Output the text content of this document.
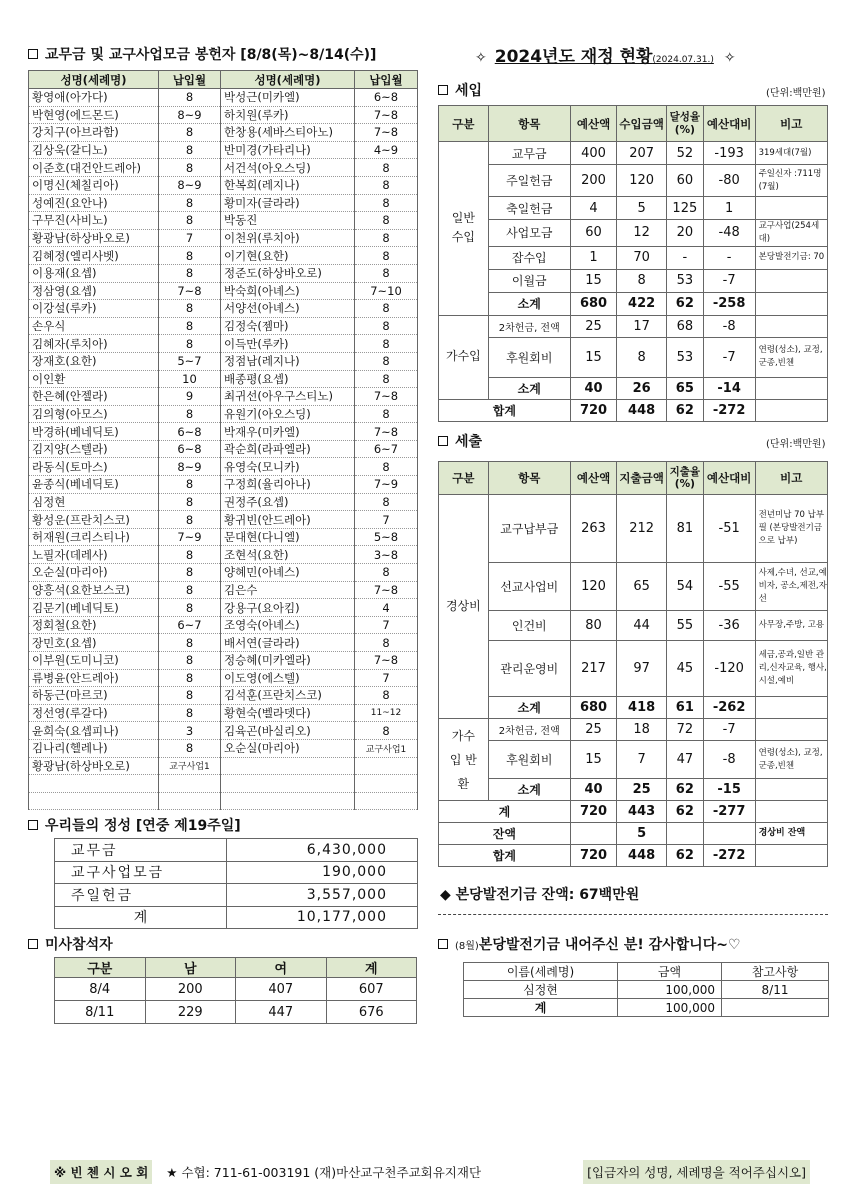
교무금 및 교구사업모금 봉헌자 [8/8(목)~8/14(수)]
성명(세례명)	납입월	성명(세례명)	납입월
황영애(아가다)	8	박성근(미카엘)	6~8
박현영(에드몬드)	8~9	하치원(루카)	7~8
강치구(아브라함)	8	한창용(세바스티아노)	7~8
김상욱(갈디노)	8	반미경(가타리나)	4~9
이준호(대건안드레아)	8	서건석(아오스딩)	8
이명신(체칠리아)	8~9	한복희(레지나)	8
성예진(요안나)	8	황미자(글라라)	8
구무진(사비노)	8	박동진	8
황광남(하상바오로)	7	이천위(루치아)	8
김혜정(엘리사벳)	8	이기현(요한)	8
이용재(요셉)	8	정준도(하상바오로)	8
정삼영(요셉)	7~8	박숙희(아녜스)	7~10
이강설(루카)	8	서양선(아녜스)	8
손우식	8	김정숙(젬마)	8
김혜자(루치아)	8	이득만(루카)	8
장재호(요한)	5~7	정점남(레지나)	8
이인환	10	배종평(요셉)	8
한은혜(안젤라)	9	최귀선(아우구스티노)	7~8
김의형(아모스)	8	유원기(아오스딩)	8
박경하(베네딕토)	6~8	박재우(미카엘)	7~8
김지양(스텔라)	6~8	곽순희(라파엘라)	6~7
라동식(토마스)	8~9	유영숙(모니카)	8
윤종식(베네딕토)	8	구정희(율리아나)	7~9
심정현	8	권정주(요셉)	8
황성운(프란치스코)	8	황귀빈(안드레아)	7
허재원(크리스티나)	7~9	문대현(다니엘)	5~8
노필자(데레사)	8	조현석(요한)	3~8
오순실(마리아)	8	양혜민(아녜스)	8
양흥석(요한보스코)	8	김은수	7~8
김문기(베네딕토)	8	강용구(요아킴)	4
정회철(요한)	6~7	조영숙(아녜스)	7
장민호(요셉)	8	배서연(글라라)	8
이부원(도미니코)	8	정승혜(미카엘라)	7~8
류병윤(안드레아)	8	이도영(에스텔)	7
하동근(마르코)	8	김석훈(프란치스코)	8
정선영(루갈다)	8	황현숙(벨라뎃다)	11~12
윤희숙(요셉피나)	3	김육곤(바실리오)	8
김나리(헬레나)	8	오순실(마리아)	교구사업1
황광남(하상바오로)	교구사업1		

우리들의 정성 [연중 제19주일]
교무금	6,430,000
교구사업모금	190,000
주일헌금	3,557,000
계	10,177,000
미사참석자
구분	남	여	계
8/4	200	407	607
8/11	229	447	676
✧ 2024년도 재정 현황 (2024.07.31.) ✧
세입	(단위:백만원)
구분	항목	예산액	수입금액	달성율(%)	예산대비	비고
일반 수입	교무금	400	207	52	-193	319세대(7월)
	주일헌금	200	120	60	-80	주일신자 :711명(7월)
	축일헌금	4	5	125	1	
	사업모금	60	12	20	-48	교구사업(254세대)
	잡수입	1	70	-	-	본당발전기금: 70
	이월금	15	8	53	-7	
	소계	680	422	62	-258	
가수입	2차헌금, 전액	25	17	68	-8	
	후원회비	15	8	53	-7	연령(성소), 교정,군종,빈첸
	소계	40	26	65	-14	
합계		720	448	62	-272	
세출	(단위:백만원)
구분	항목	예산액	지출금액	지출율(%)	예산대비	비고
경상비	교구납부금	263	212	81	-51	전년미납 70 납부필 (본당발전기금으로 납부)
	선교사업비	120	65	54	-55	사제,수녀, 선교,예비자, 공소,제전,자선
	인건비	80	44	55	-36	사무장,주방, 고용
	관리운영비	217	97	45	-120	세금,공과,일반 관리,신자교육, 행사,시설,예비
	소계	680	418	61	-262	
가수입 반 환	2차헌금, 전액	25	18	72	-7	
	후원회비	15	7	47	-8	연령(성소), 교정,군종,빈첸
	소계	40	25	62	-15	
계		720	443	62	-277	
잔액			5			경상비 잔액
합계		720	448	62	-272	
◆ 본당발전기금 잔액: 67백만원
(8월) 본당발전기금 내어주신 분! 감사합니다~♡
이름(세례명)	금액	참고사항
심정현	100,000	8/11
계	100,000	
※ 빈 첸 시 오 회	★ 수협: 711-61-003191 (재)마산교구천주교회유지재단	[입금자의 성명, 세례명을 적어주십시오]
